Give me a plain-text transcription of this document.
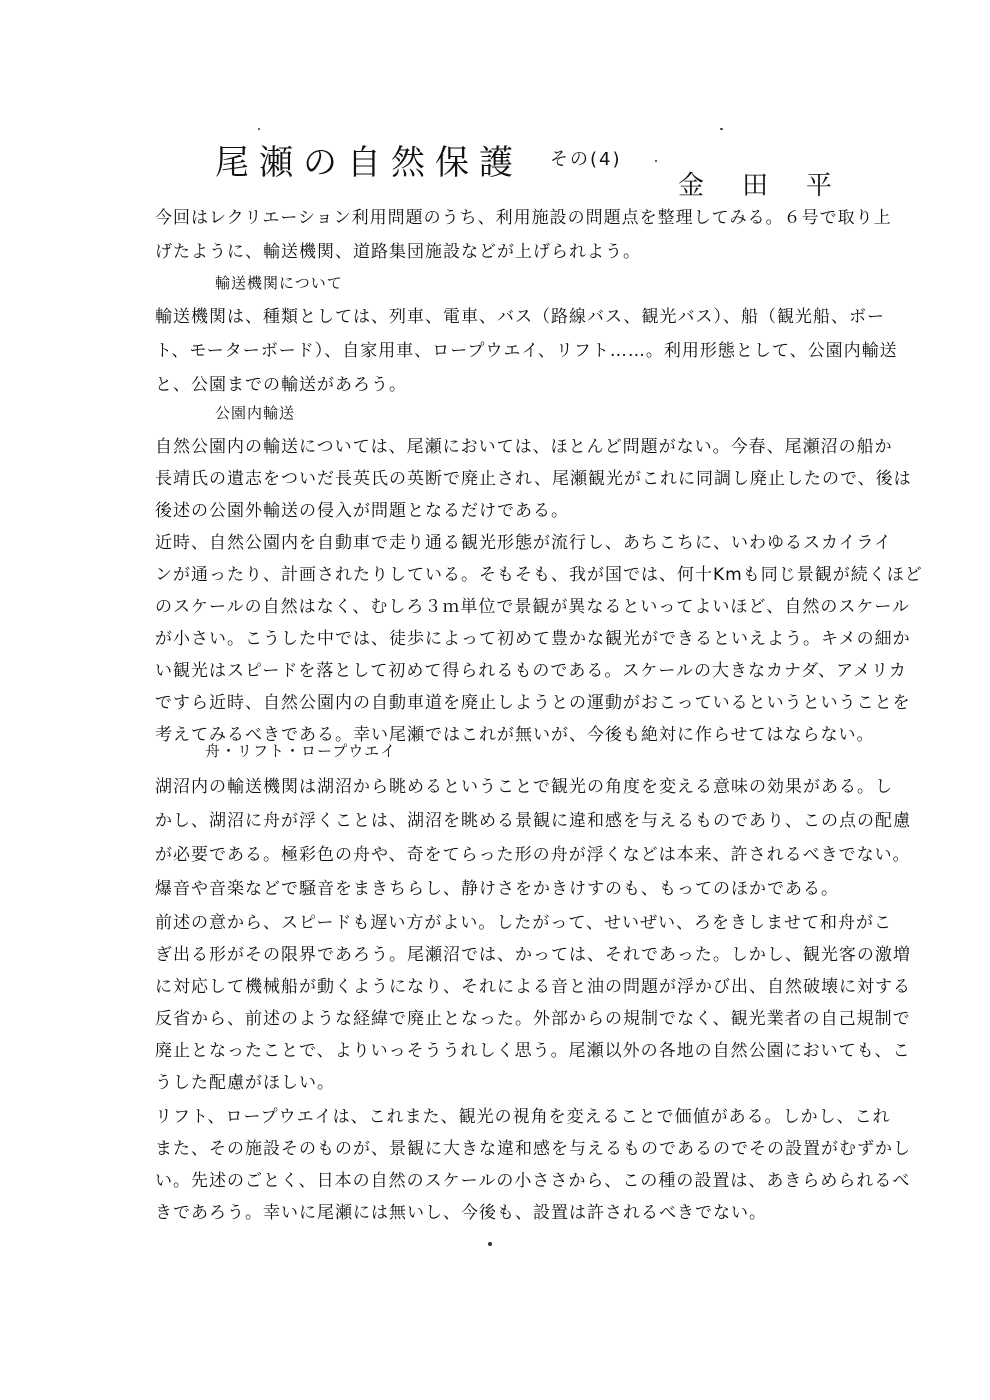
尾瀬の自然保護 その(4)
金田平
今回はレクリエーション利用問題のうち、利用施設の問題点を整理してみる。６号で取り上
げたように、輸送機関、道路集団施設などが上げられよう。
輸送機関について
輸送機関は、種類としては、列車、電車、バス（路線バス、観光バス）、船（観光船、ボー
ト、モーターボード）、自家用車、ロープウエイ、リフト……。利用形態として、公園内輸送
と、公園までの輸送があろう。
公園内輸送
自然公園内の輸送については、尾瀬においては、ほとんど問題がない。今春、尾瀬沼の船か
長靖氏の遺志をついだ長英氏の英断で廃止され、尾瀬観光がこれに同調し廃止したので、後は
後述の公園外輸送の侵入が問題となるだけである。
近時、自然公園内を自動車で走り通る観光形態が流行し、あちこちに、いわゆるスカイライ
ンが通ったり、計画されたりしている。そもそも、我が国では、何十Kmも同じ景観が続くほど
のスケールの自然はなく、むしろ３ｍ単位で景観が異なるといってよいほど、自然のスケール
が小さい。こうした中では、徒歩によって初めて豊かな観光ができるといえよう。キメの細か
い観光はスピードを落として初めて得られるものである。スケールの大きなカナダ、アメリカ
ですら近時、自然公園内の自動車道を廃止しようとの運動がおこっているというということを
考えてみるべきである。幸い尾瀬ではこれが無いが、今後も絶対に作らせてはならない。
舟・リフト・ロープウエイ
湖沼内の輸送機関は湖沼から眺めるということで観光の角度を変える意味の効果がある。し
かし、湖沼に舟が浮くことは、湖沼を眺める景観に違和感を与えるものであり、この点の配慮
が必要である。極彩色の舟や、奇をてらった形の舟が浮くなどは本来、許されるべきでない。
爆音や音楽などで騒音をまきちらし、静けさをかきけすのも、もってのほかである。
前述の意から、スピードも遅い方がよい。したがって、せいぜい、ろをきしませて和舟がこ
ぎ出る形がその限界であろう。尾瀬沼では、かっては、それであった。しかし、観光客の激増
に対応して機械船が動くようになり、それによる音と油の問題が浮かび出、自然破壊に対する
反省から、前述のような経緯で廃止となった。外部からの規制でなく、観光業者の自己規制で
廃止となったことで、よりいっそううれしく思う。尾瀬以外の各地の自然公園においても、こ
うした配慮がほしい。
リフト、ロープウエイは、これまた、観光の視角を変えることで価値がある。しかし、これ
また、その施設そのものが、景観に大きな違和感を与えるものであるのでその設置がむずかし
い。先述のごとく、日本の自然のスケールの小ささから、この種の設置は、あきらめられるべ
きであろう。幸いに尾瀬には無いし、今後も、設置は許されるべきでない。
